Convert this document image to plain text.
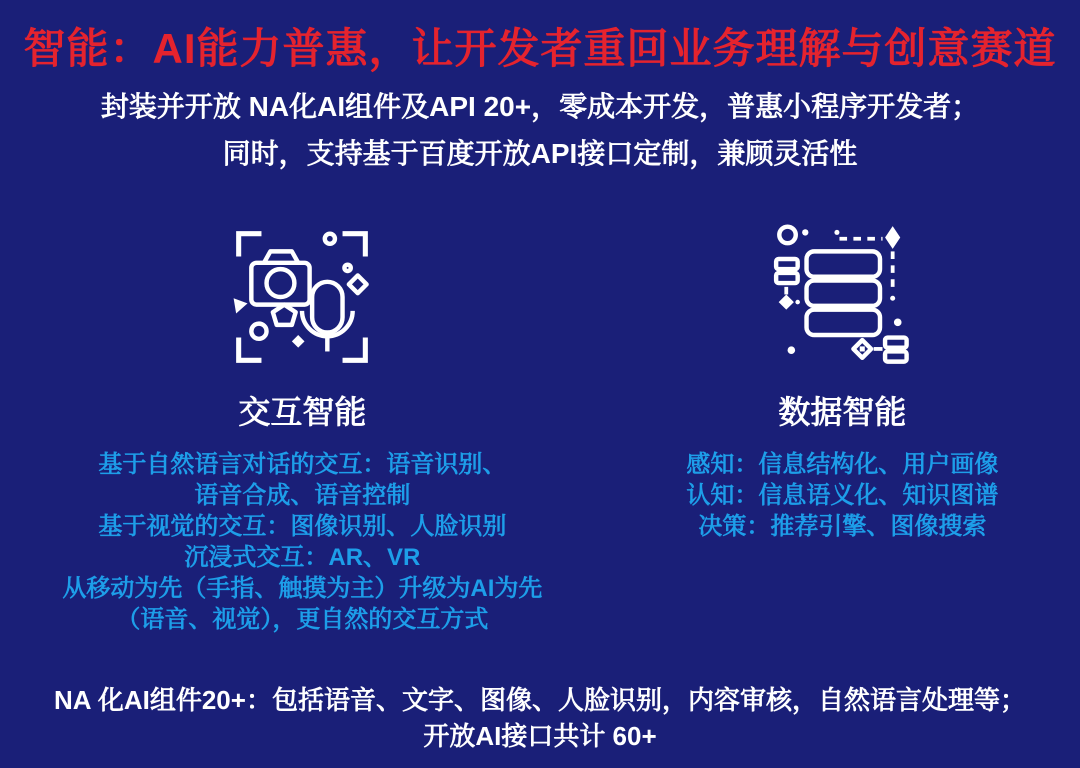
智能：AI能力普惠，让开发者重回业务理解与创意赛道
封装并开放 NA化AI组件及API 20+，零成本开发，普惠小程序开发者；
同时，支持基于百度开放API接口定制，兼顾灵活性
交互智能
基于自然语言对话的交互：语音识别、
语音合成、语音控制
基于视觉的交互：图像识别、人脸识别
沉浸式交互：AR、VR
从移动为先（手指、触摸为主）升级为AI为先
（语音、视觉），更自然的交互方式
数据智能
感知：信息结构化、用户画像
认知：信息语义化、知识图谱
决策：推荐引擎、图像搜索
NA 化AI组件20+：包括语音、文字、图像、人脸识别，内容审核，自然语言处理等；
开放AI接口共计 60+
